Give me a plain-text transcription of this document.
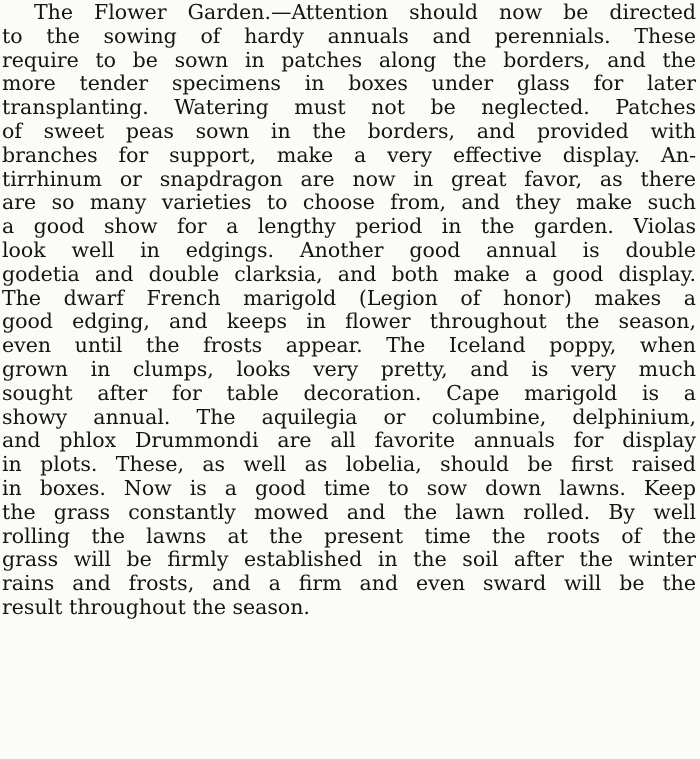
The Flower Garden.—Attention should now be directed
to the sowing of hardy annuals and perennials. These
require to be sown in patches along the borders, and the
more tender specimens in boxes under glass for later
transplanting. Watering must not be neglected. Patches
of sweet peas sown in the borders, and provided with
branches for support, make a very effective display. An-
tirrhinum or snapdragon are now in great favor, as there
are so many varieties to choose from, and they make such
a good show for a lengthy period in the garden. Violas
look well in edgings. Another good annual is double
godetia and double clarksia, and both make a good display.
The dwarf French marigold (Legion of honor) makes a
good edging, and keeps in flower throughout the season,
even until the frosts appear. The Iceland poppy, when
grown in clumps, looks very pretty, and is very much
sought after for table decoration. Cape marigold is a
showy annual. The aquilegia or columbine, delphinium,
and phlox Drummondi are all favorite annuals for display
in plots. These, as well as lobelia, should be first raised
in boxes. Now is a good time to sow down lawns. Keep
the grass constantly mowed and the lawn rolled. By well
rolling the lawns at the present time the roots of the
grass will be firmly established in the soil after the winter
rains and frosts, and a firm and even sward will be the
result throughout the season.
